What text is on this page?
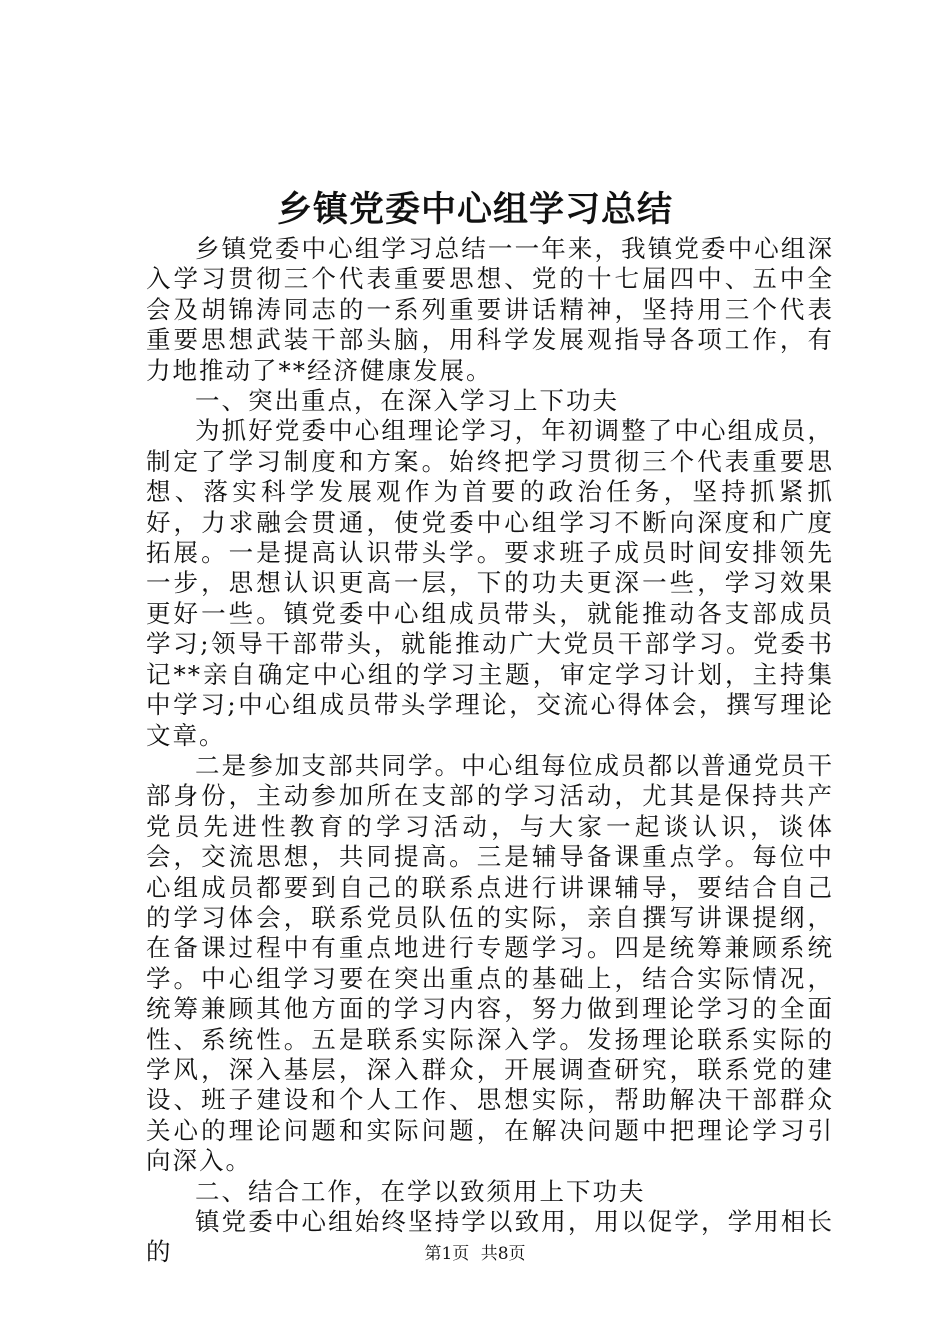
乡镇党委中心组学习总结

乡镇党委中心组学习总结一一年来，我镇党委中心组深入学习贯彻三个代表重要思想、党的十七届四中、五中全会及胡锦涛同志的一系列重要讲话精神，坚持用三个代表重要思想武装干部头脑，用科学发展观指导各项工作，有力地推动了**经济健康发展。

一、突出重点，在深入学习上下功夫

为抓好党委中心组理论学习，年初调整了中心组成员，制定了学习制度和方案。始终把学习贯彻三个代表重要思想、落实科学发展观作为首要的政治任务，坚持抓紧抓好，力求融会贯通，使党委中心组学习不断向深度和广度拓展。一是提高认识带头学。要求班子成员时间安排领先一步，思想认识更高一层，下的功夫更深一些，学习效果更好一些。镇党委中心组成员带头，就能推动各支部成员学习;领导干部带头，就能推动广大党员干部学习。党委书记**亲自确定中心组的学习主题，审定学习计划，主持集中学习;中心组成员带头学理论，交流心得体会，撰写理论文章。

二是参加支部共同学。中心组每位成员都以普通党员干部身份，主动参加所在支部的学习活动，尤其是保持共产党员先进性教育的学习活动，与大家一起谈认识，谈体会，交流思想，共同提高。三是辅导备课重点学。每位中心组成员都要到自己的联系点进行讲课辅导，要结合自己的学习体会，联系党员队伍的实际，亲自撰写讲课提纲，在备课过程中有重点地进行专题学习。四是统筹兼顾系统学。中心组学习要在突出重点的基础上，结合实际情况，统筹兼顾其他方面的学习内容，努力做到理论学习的全面性、系统性。五是联系实际深入学。发扬理论联系实际的学风，深入基层，深入群众，开展调查研究，联系党的建设、班子建设和个人工作、思想实际，帮助解决干部群众关心的理论问题和实际问题，在解决问题中把理论学习引向深入。

二、结合工作，在学以致须用上下功夫

镇党委中心组始终坚持学以致用，用以促学，学用相长的	第1页 共8页
